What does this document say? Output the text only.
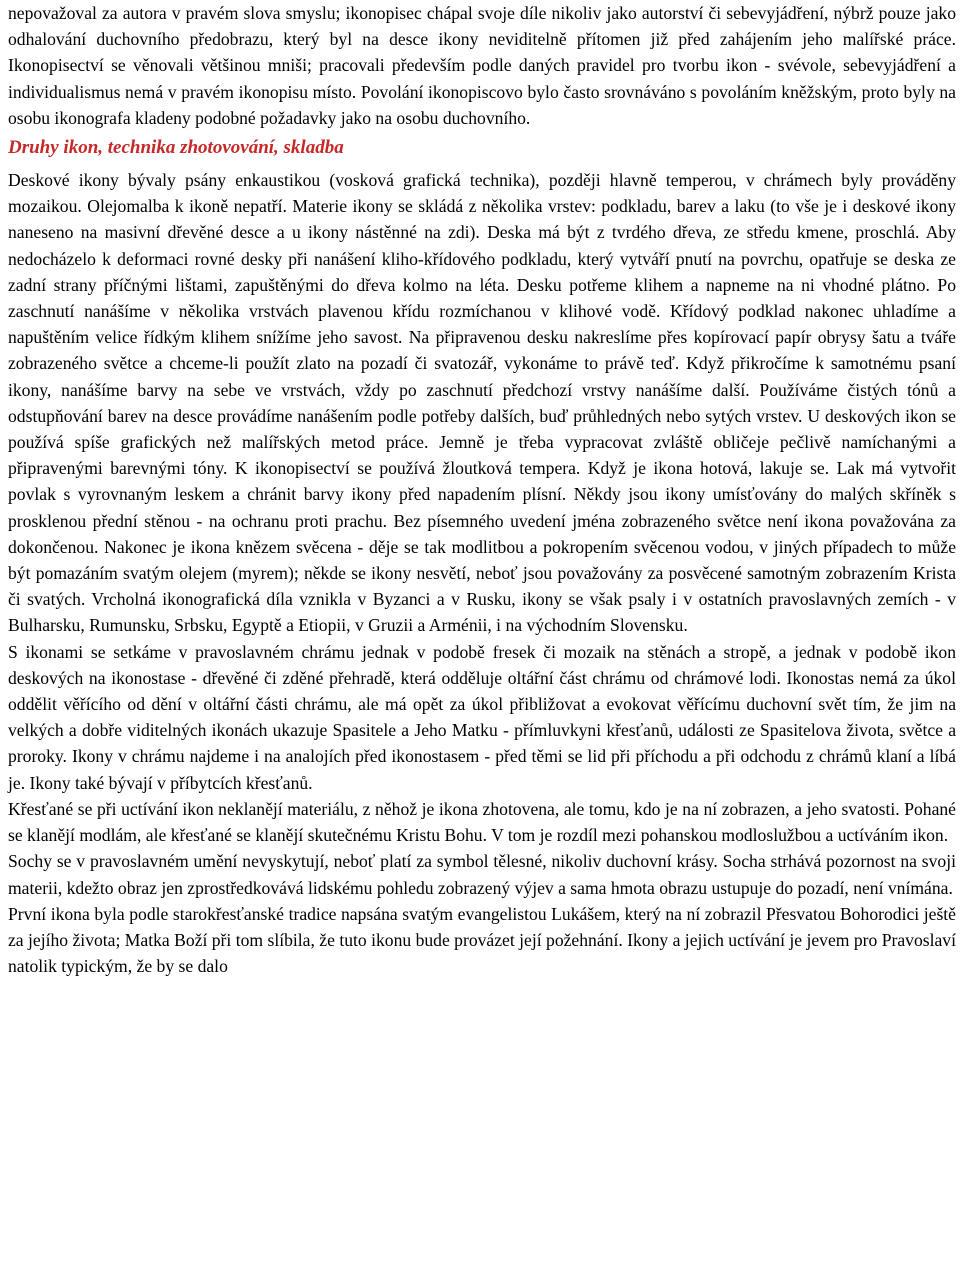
nepovažoval za autora v pravém slova smyslu; ikonopisec chápal svoje díle nikoliv jako autorství či sebevyjádření, nýbrž pouze jako odhalování duchovního předobrazu, který byl na desce ikony neviditelně přítomen již před zahájením jeho malířské práce. Ikonopisectví se věnovali většinou mniši; pracovali především podle daných pravidel pro tvorbu ikon - svévole, sebevyjádření a individualismus nemá v pravém ikonopisu místo. Povolání ikonopiscovo bylo často srovnáváno s povoláním kněžským, proto byly na osobu ikonografa kladeny podobné požadavky jako na osobu duchovního.

Druhy ikon, technika zhotovování, skladba

Deskové ikony bývaly psány enkaustikou (vosková grafická technika), později hlavně temperou, v chrámech byly prováděny mozaikou. Olejomalba k ikoně nepatří. Materie ikony se skládá z několika vrstev: podkladu, barev a laku (to vše je i deskové ikony naneseno na masivní dřevěné desce a u ikony nástěnné na zdi). Deska má být z tvrdého dřeva, ze středu kmene, proschlá. Aby nedocházelo k deformaci rovné desky při nanášení kliho-křídového podkladu, který vytváří pnutí na povrchu, opatřuje se deska ze zadní strany příčnými lištami, zapuštěnými do dřeva kolmo na léta. Desku potřeme klihem a napneme na ni vhodné plátno. Po zaschnutí nanášíme v několika vrstvách plavenou křídu rozmíchanou v klihové vodě. Křídový podklad nakonec uhladíme a napuštěním velice řídkým klihem snížíme jeho savost. Na připravenou desku nakreslíme přes kopírovací papír obrysy šatu a tváře zobrazeného světce a chceme-li použít zlato na pozadí či svatozář, vykonáme to právě teď. Když přikročíme k samotnému psaní ikony, nanášíme barvy na sebe ve vrstvách, vždy po zaschnutí předchozí vrstvy nanášíme další. Používáme čistých tónů a odstupňování barev na desce provádíme nanášením podle potřeby dalších, buď průhledných nebo sytých vrstev. U deskových ikon se používá spíše grafických než malířských metod práce. Jemně je třeba vypracovat zvláště obličeje pečlivě namíchanými a připravenými barevnými tóny. K ikonopisectví se používá žloutková tempera. Když je ikona hotová, lakuje se. Lak má vytvořit povlak s vyrovnaným leskem a chránit barvy ikony před napadením plísní. Někdy jsou ikony umísťovány do malých skříněk s prosklenou přední stěnou - na ochranu proti prachu. Bez písemného uvedení jména zobrazeného světce není ikona považována za dokončenou. Nakonec je ikona knězem svěcena - děje se tak modlitbou a pokropením svěcenou vodou, v jiných případech to může být pomazáním svatým olejem (myrem); někde se ikony nesvětí, neboť jsou považovány za posvěcené samotným zobrazením Krista či svatých. Vrcholná ikonografická díla vznikla v Byzanci a v Rusku, ikony se však psaly i v ostatních pravoslavných zemích - v Bulharsku, Rumunsku, Srbsku, Egyptě a Etiopii, v Gruzii a Arménii, i na východním Slovensku.

S ikonami se setkáme v pravoslavném chrámu jednak v podobě fresek či mozaik na stěnách a stropě, a jednak v podobě ikon deskových na ikonostase - dřevěné či zděné přehradě, která odděluje oltářní část chrámu od chrámové lodi. Ikonostas nemá za úkol oddělit věřícího od dění v oltářní části chrámu, ale má opět za úkol přibližovat a evokovat věřícímu duchovní svět tím, že jim na velkých a dobře viditelných ikonách ukazuje Spasitele a Jeho Matku - přímluvkyni křesťanů, události ze Spasitelova života, světce a proroky. Ikony v chrámu najdeme i na analojích před ikonostasem - před těmi se lid při příchodu a při odchodu z chrámů klaní a líbá je. Ikony také bývají v příbytcích křesťanů.

Křesťané se při uctívání ikon neklanějí materiálu, z něhož je ikona zhotovena, ale tomu, kdo je na ní zobrazen, a jeho svatosti. Pohané se klanějí modlám, ale křesťané se klanějí skutečnému Kristu Bohu. V tom je rozdíl mezi pohanskou modloslužbou a uctíváním ikon.

Sochy se v pravoslavném umění nevyskytují, neboť platí za symbol tělesné, nikoliv duchovní krásy. Socha strhává pozornost na svoji materii, kdežto obraz jen zprostředkovává lidskému pohledu zobrazený výjev a sama hmota obrazu ustupuje do pozadí, není vnímána.

První ikona byla podle starokřesťanské tradice napsána svatým evangelistou Lukášem, který na ní zobrazil Přesvatou Bohorodici ještě za jejího života; Matka Boží při tom slíbila, že tuto ikonu bude provázet její požehnání. Ikony a jejich uctívání je jevem pro Pravoslaví natolik typickým, že by se dalo
